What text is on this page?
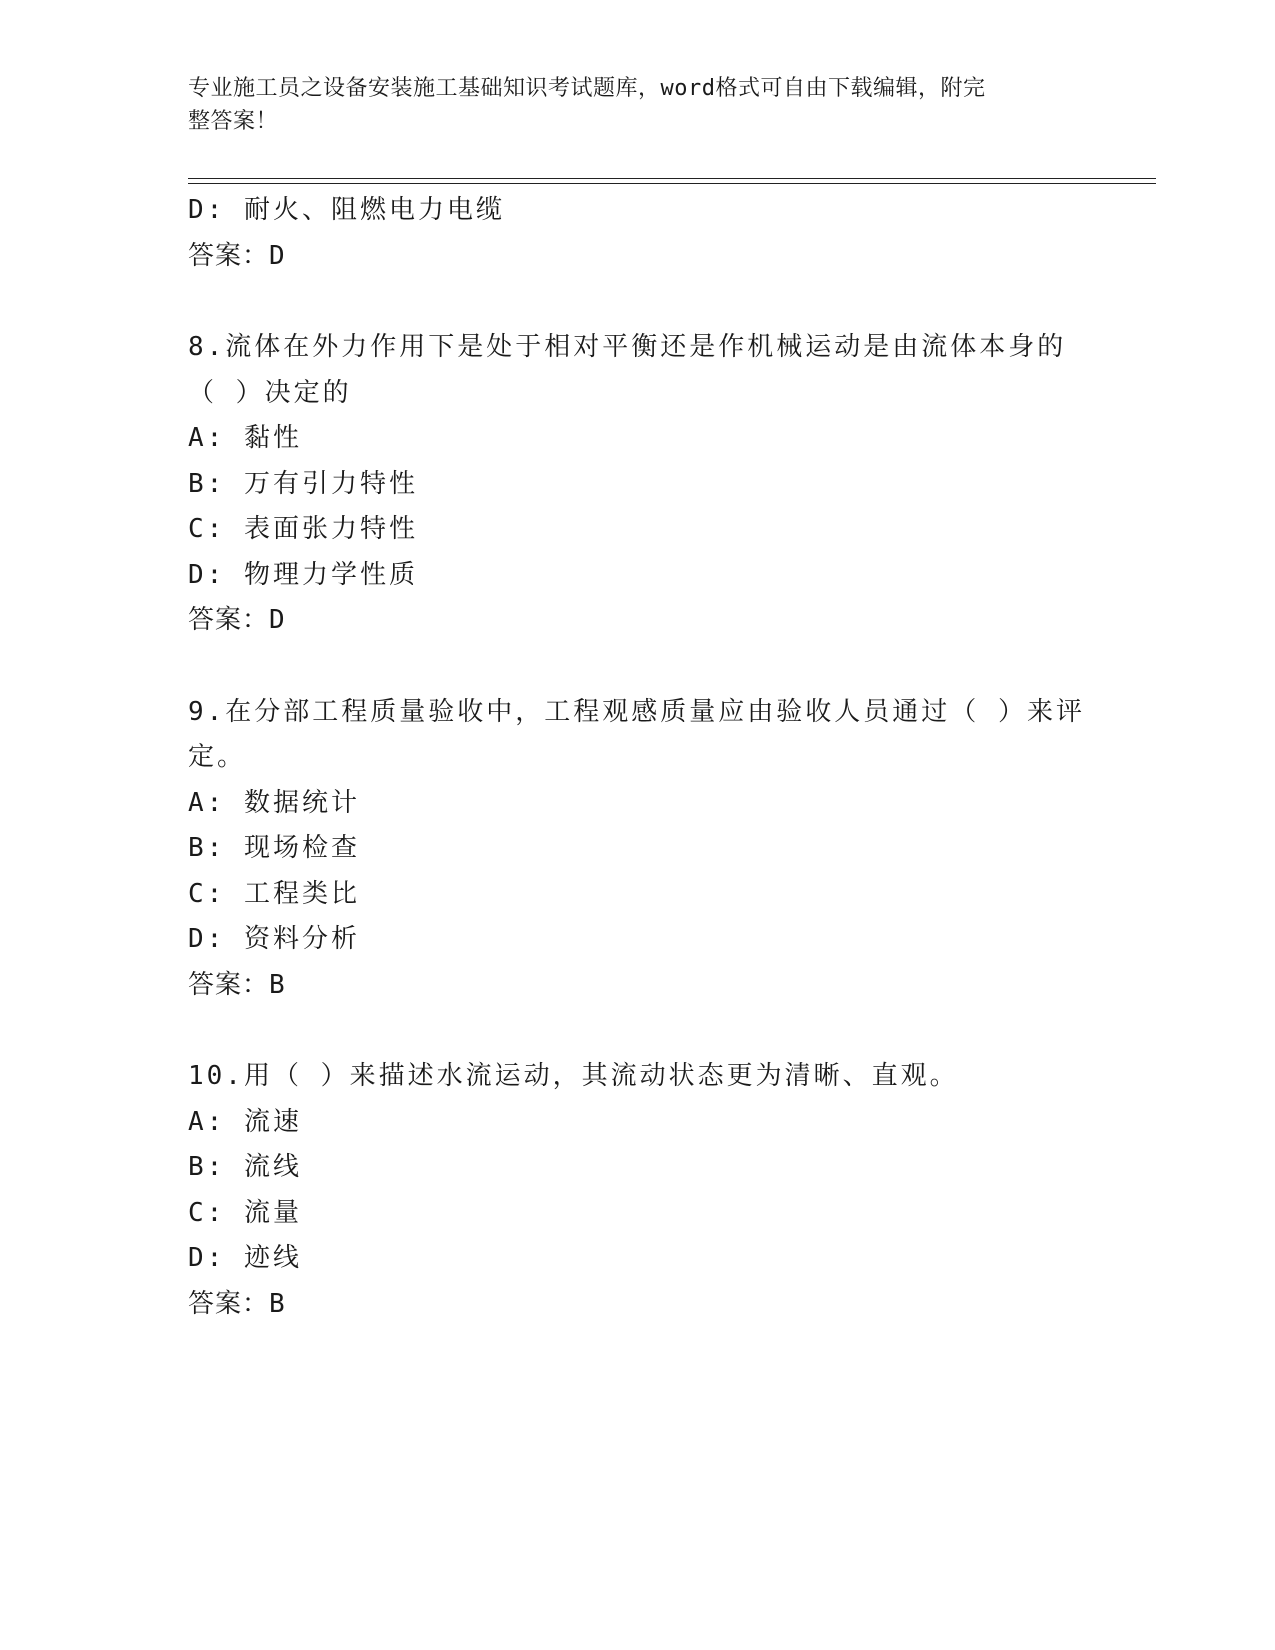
专业施工员之设备安装施工基础知识考试题库，word格式可自由下载编辑，附完
整答案！
D: 耐火、阻燃电力电缆
答案：D
8.流体在外力作用下是处于相对平衡还是作机械运动是由流体本身的
（ ）决定的
A: 黏性
B: 万有引力特性
C: 表面张力特性
D: 物理力学性质
答案：D
9.在分部工程质量验收中，工程观感质量应由验收人员通过（ ）来评
定。
A: 数据统计
B: 现场检查
C: 工程类比
D: 资料分析
答案：B
10.用（ ）来描述水流运动，其流动状态更为清晰、直观。
A: 流速
B: 流线
C: 流量
D: 迹线
答案：B
